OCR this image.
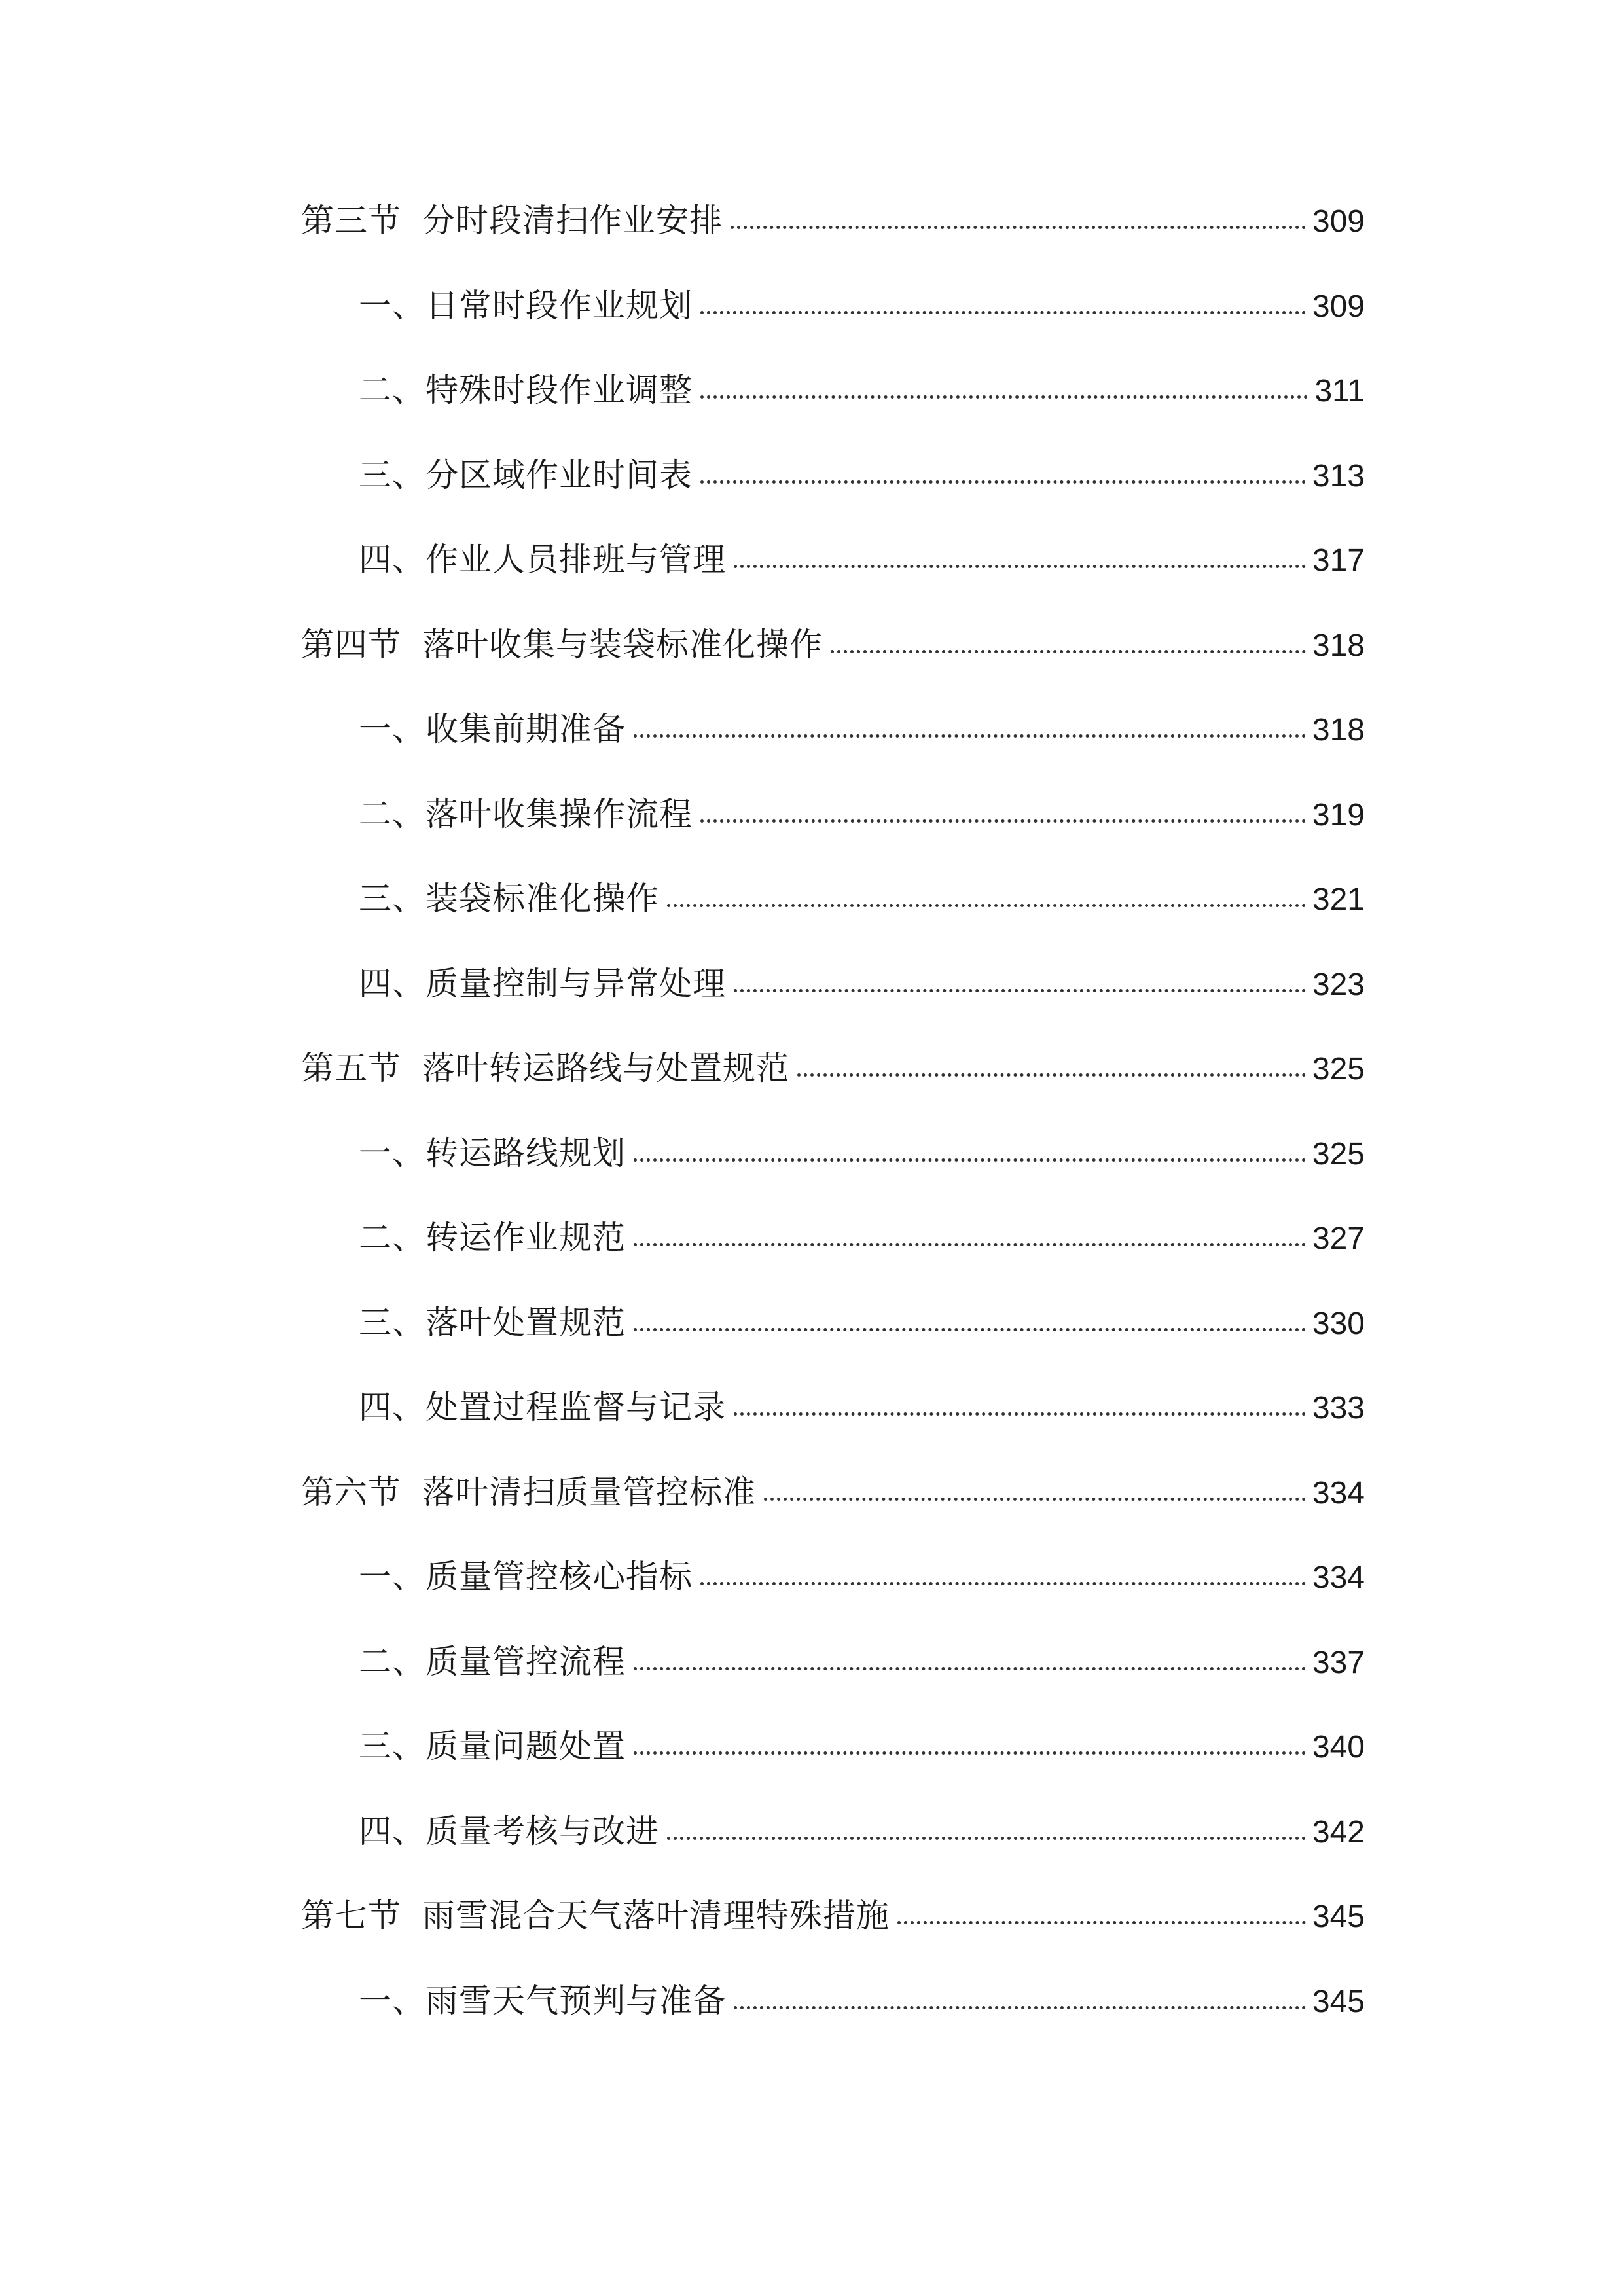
第三节 分时段清扫作业安排	309
一、日常时段作业规划	309
二、特殊时段作业调整	311
三、分区域作业时间表	313
四、作业人员排班与管理	317
第四节 落叶收集与装袋标准化操作	318
一、收集前期准备	318
二、落叶收集操作流程	319
三、装袋标准化操作	321
四、质量控制与异常处理	323
第五节 落叶转运路线与处置规范	325
一、转运路线规划	325
二、转运作业规范	327
三、落叶处置规范	330
四、处置过程监督与记录	333
第六节 落叶清扫质量管控标准	334
一、质量管控核心指标	334
二、质量管控流程	337
三、质量问题处置	340
四、质量考核与改进	342
第七节 雨雪混合天气落叶清理特殊措施	345
一、雨雪天气预判与准备	345
